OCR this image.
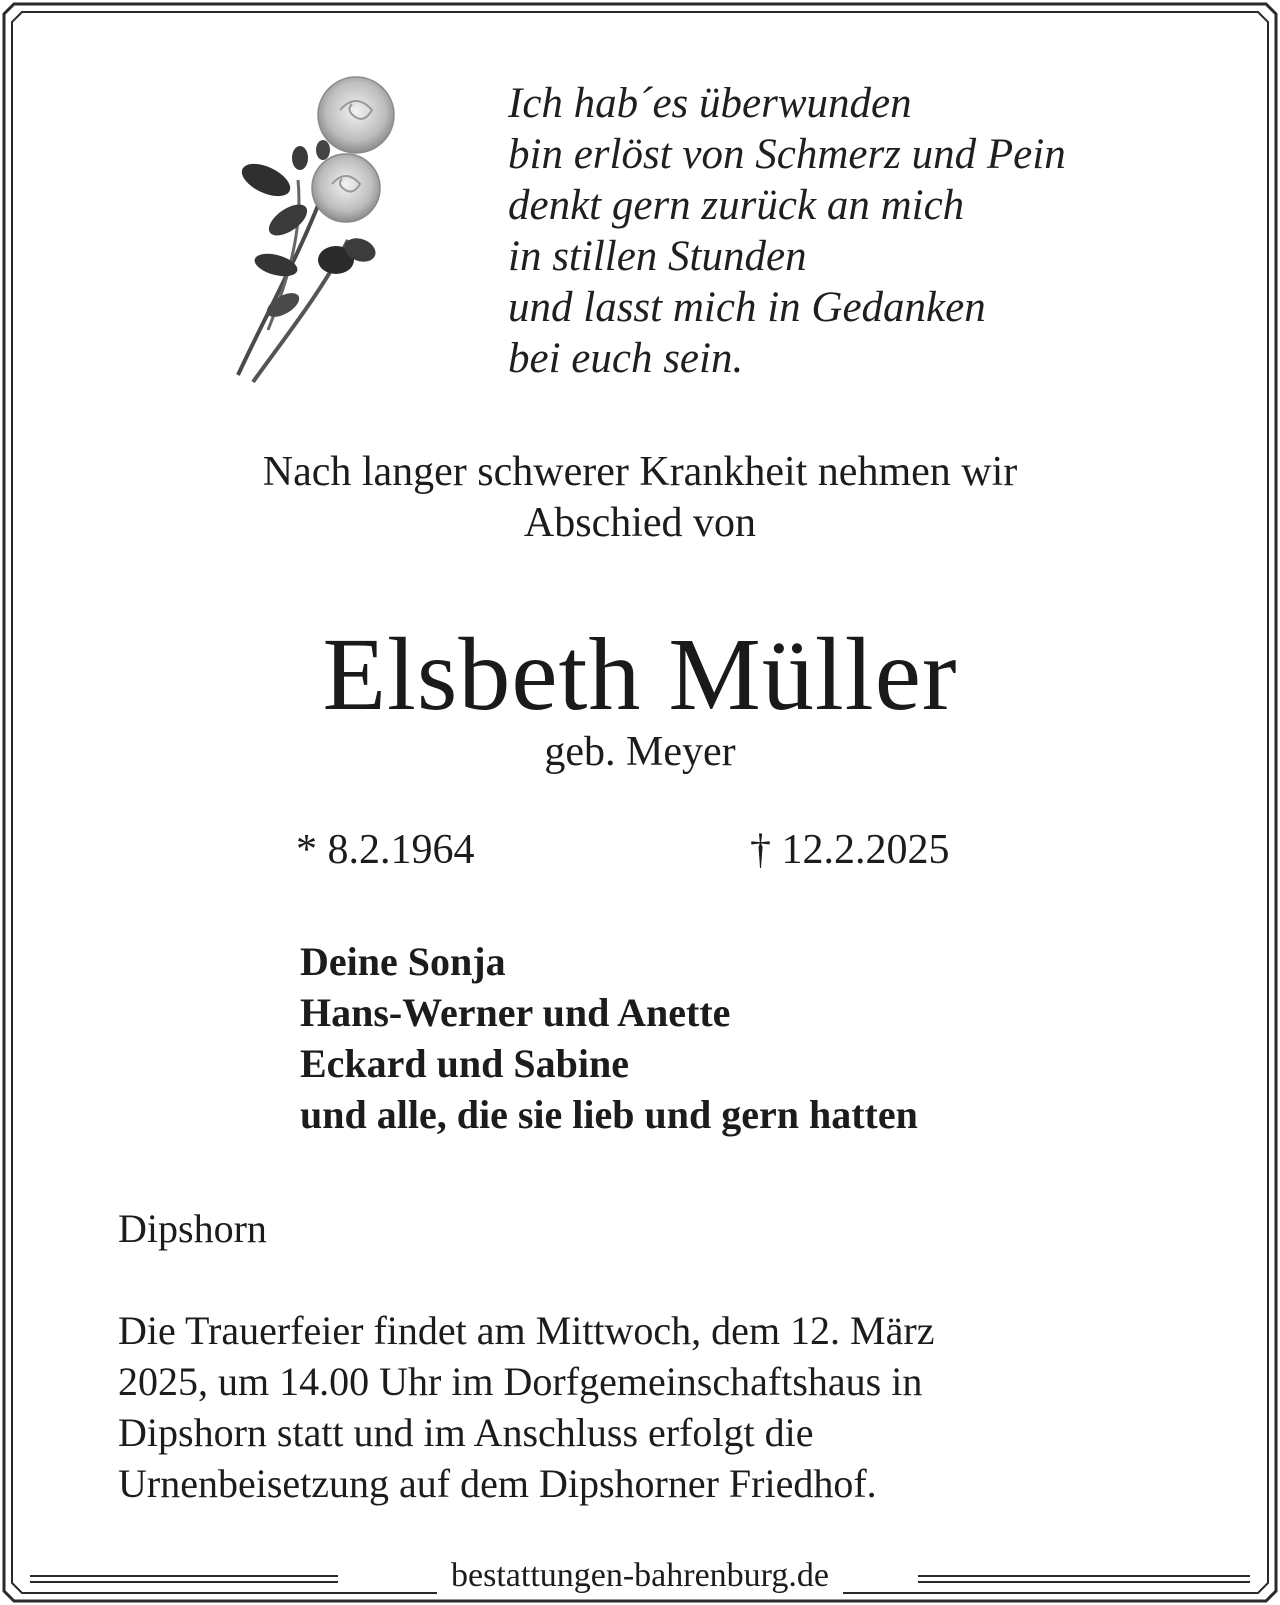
Ich hab´es überwunden
bin erlöst von Schmerz und Pein
denkt gern zurück an mich
in stillen Stunden
und lasst mich in Gedanken
bei euch sein.
Nach langer schwerer Krankheit nehmen wir
Abschied von
Elsbeth Müller
geb. Meyer
* 8.2.1964	† 12.2.2025
Deine Sonja
Hans-Werner und Anette
Eckard und Sabine
und alle, die sie lieb und gern hatten
Dipshorn
Die Trauerfeier findet am Mittwoch, dem 12. März
2025, um 14.00 Uhr im Dorfgemeinschaftshaus in
Dipshorn statt und im Anschluss erfolgt die
Urnenbeisetzung auf dem Dipshorner Friedhof.
bestattungen-bahrenburg.de
